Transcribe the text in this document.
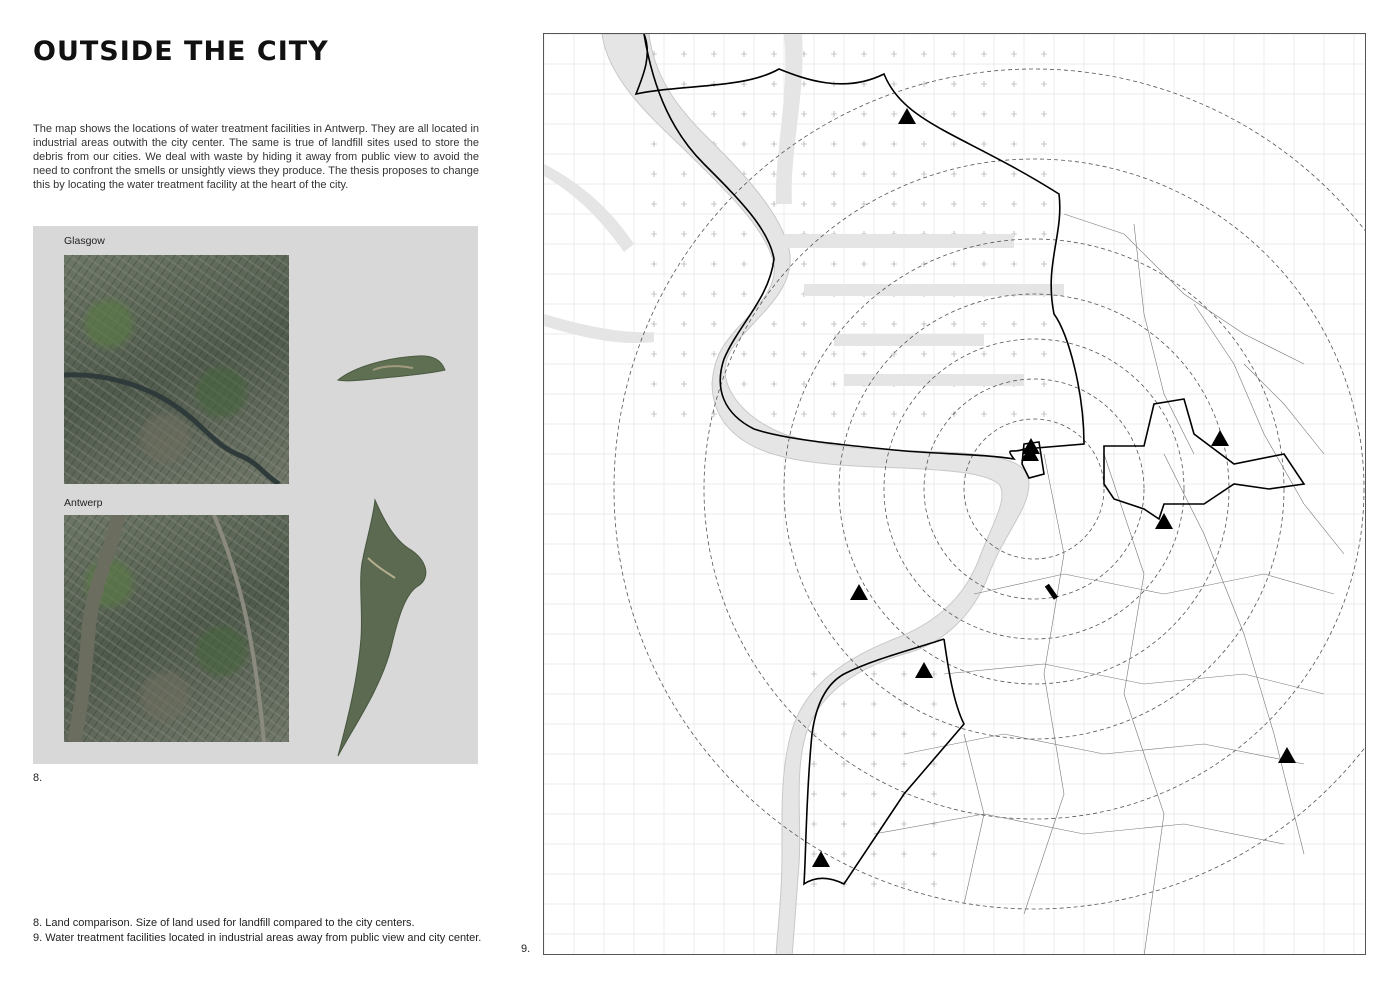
OUTSIDE THE CITY

The map shows the locations of water treatment facilities in Antwerp. They are all located in industrial areas outwith the city center. The same is true of landfill sites used to store the debris from our cities. We deal with waste by hiding it away from public view to avoid the need to confront the smells or unsightly views they produce. The thesis proposes to change this by locating the water treatment facility at the heart of the city.

Glasgow
Antwerp
8.

8. Land comparison. Size of land used for landfill compared to the city centers.

9. Water treatment facilities located in industrial areas away from public view and city center.

9.
